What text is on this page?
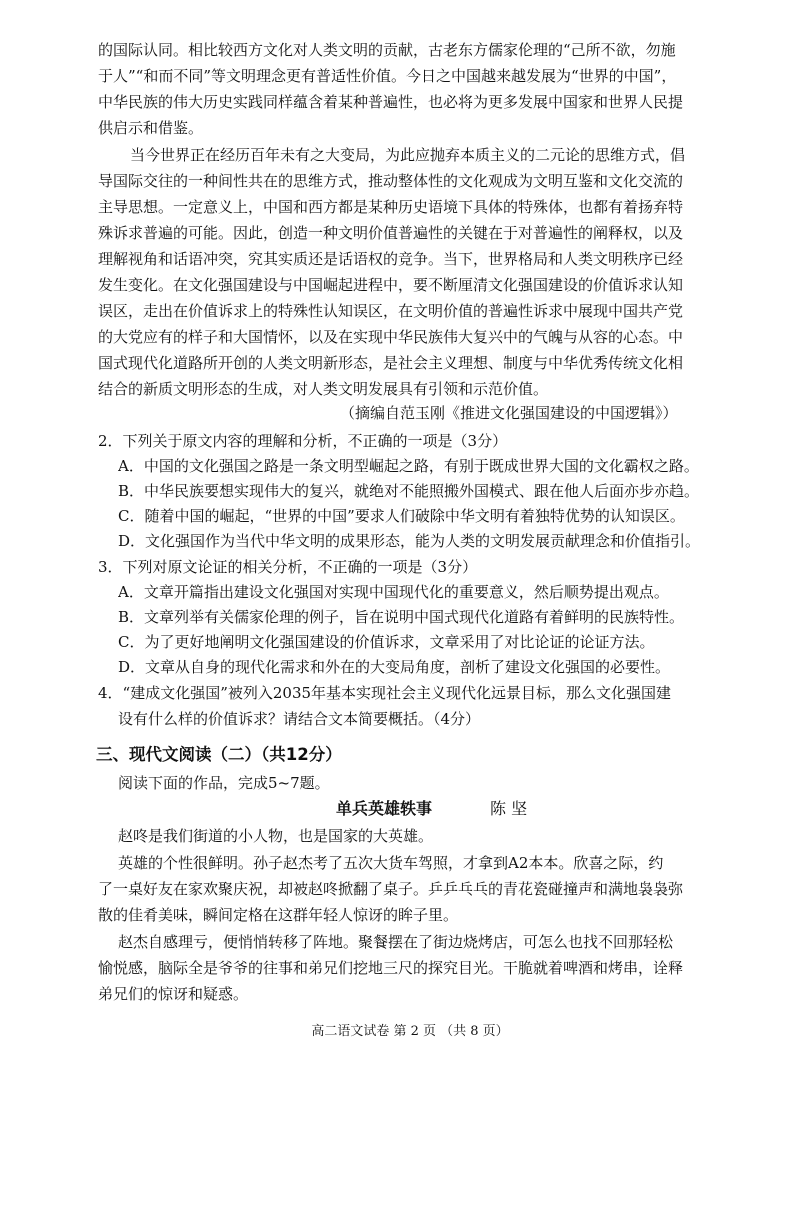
的国际认同。相比较西方文化对人类文明的贡献，古老东方儒家伦理的“己所不欲，勿施

于人”“和而不同”等文明理念更有普适性价值。今日之中国越来越发展为“世界的中国”，

中华民族的伟大历史实践同样蕴含着某种普遍性，也必将为更多发展中国家和世界人民提

供启示和借鉴。

当今世界正在经历百年未有之大变局，为此应抛弃本质主义的二元论的思维方式，倡

导国际交往的一种间性共在的思维方式，推动整体性的文化观成为文明互鉴和文化交流的

主导思想。一定意义上，中国和西方都是某种历史语境下具体的特殊体，也都有着扬弃特

殊诉求普遍的可能。因此，创造一种文明价值普遍性的关键在于对普遍性的阐释权，以及

理解视角和话语冲突，究其实质还是话语权的竞争。当下，世界格局和人类文明秩序已经

发生变化。在文化强国建设与中国崛起进程中，要不断厘清文化强国建设的价值诉求认知

误区，走出在价值诉求上的特殊性认知误区，在文明价值的普遍性诉求中展现中国共产党

的大党应有的样子和大国情怀，以及在实现中华民族伟大复兴中的气魄与从容的心态。中

国式现代化道路所开创的人类文明新形态，是社会主义理想、制度与中华优秀传统文化相

结合的新质文明形态的生成，对人类文明发展具有引领和示范价值。

（摘编自范玉刚《推进文化强国建设的中国逻辑》）

2．下列关于原文内容的理解和分析，不正确的一项是（3分）

A．中国的文化强国之路是一条文明型崛起之路，有别于既成世界大国的文化霸权之路。

B．中华民族要想实现伟大的复兴，就绝对不能照搬外国模式、跟在他人后面亦步亦趋。

C．随着中国的崛起，“世界的中国”要求人们破除中华文明有着独特优势的认知误区。

D．文化强国作为当代中华文明的成果形态，能为人类的文明发展贡献理念和价值指引。

3．下列对原文论证的相关分析，不正确的一项是（3分）

A．文章开篇指出建设文化强国对实现中国现代化的重要意义，然后顺势提出观点。

B．文章列举有关儒家伦理的例子，旨在说明中国式现代化道路有着鲜明的民族特性。

C．为了更好地阐明文化强国建设的价值诉求，文章采用了对比论证的论证方法。

D．文章从自身的现代化需求和外在的大变局角度，剖析了建设文化强国的必要性。

4．“建成文化强国”被列入2035年基本实现社会主义现代化远景目标，那么文化强国建

设有什么样的价值诉求？请结合文本简要概括。（4分）

三、现代文阅读（二）（共12分）

阅读下面的作品，完成5~7题。

单兵英雄轶事	陈 坚

赵咚是我们街道的小人物，也是国家的大英雄。

英雄的个性很鲜明。孙子赵杰考了五次大货车驾照，才拿到A2本本。欣喜之际，约

了一桌好友在家欢聚庆祝，却被赵咚掀翻了桌子。乒乒乓乓的青花瓷碰撞声和满地袅袅弥

散的佳肴美味，瞬间定格在这群年轻人惊讶的眸子里。

赵杰自感理亏，便悄悄转移了阵地。聚餐摆在了街边烧烤店，可怎么也找不回那轻松

愉悦感，脑际全是爷爷的往事和弟兄们挖地三尺的探究目光。干脆就着啤酒和烤串，诠释

弟兄们的惊讶和疑惑。

高二语文试卷 第 2 页 （共 8 页）
